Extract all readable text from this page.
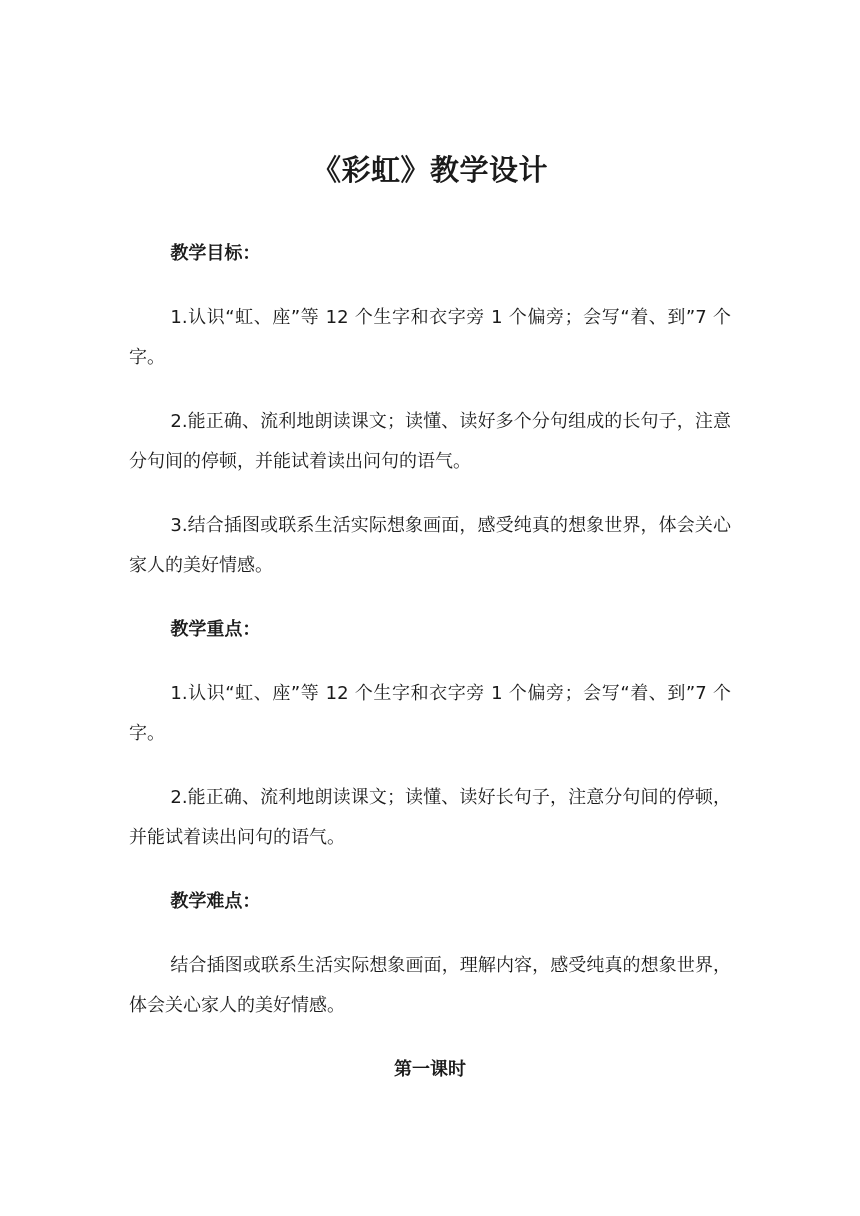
《彩虹》教学设计

教学目标：

1.认识“虹、座”等 12 个生字和衣字旁 1 个偏旁；会写“着、到”7 个字。

2.能正确、流利地朗读课文；读懂、读好多个分句组成的长句子，注意分句间的停顿，并能试着读出问句的语气。

3.结合插图或联系生活实际想象画面，感受纯真的想象世界，体会关心家人的美好情感。

教学重点：

1.认识“虹、座”等 12 个生字和衣字旁 1 个偏旁；会写“着、到”7 个字。

2.能正确、流利地朗读课文；读懂、读好长句子，注意分句间的停顿，并能试着读出问句的语气。

教学难点：

结合插图或联系生活实际想象画面，理解内容，感受纯真的想象世界，体会关心家人的美好情感。

第一课时
